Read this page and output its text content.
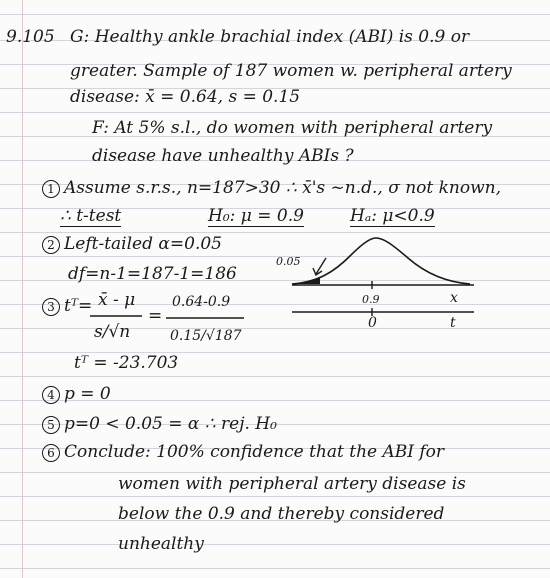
9.105 G: Healthy ankle brachial index (ABI) is 0.9 or
greater. Sample of 187 women w. peripheral artery
disease: x̄ = 0.64, s = 0.15
F: At 5% s.l., do women with peripheral artery
disease have unhealthy ABIs ?
1 Assume s.r.s., n=187>30 ∴ x̄'s ~n.d., σ not known,
∴ t-test	H₀: μ = 0.9	Hₐ: μ<0.9
2 Left-tailed α=0.05
df=n-1=187-1=186
3 tᵀ= x̄ - μ
s/√n
=
0.64-0.9
0.15/√187
tᵀ = -23.703
4 p = 0
5 p=0 < 0.05 = α ∴ rej. H₀
6 Conclude: 100% confidence that the ABI for
women with peripheral artery disease is
below the 0.9 and thereby considered
unhealthy
0.05
0.9	x
0	t
